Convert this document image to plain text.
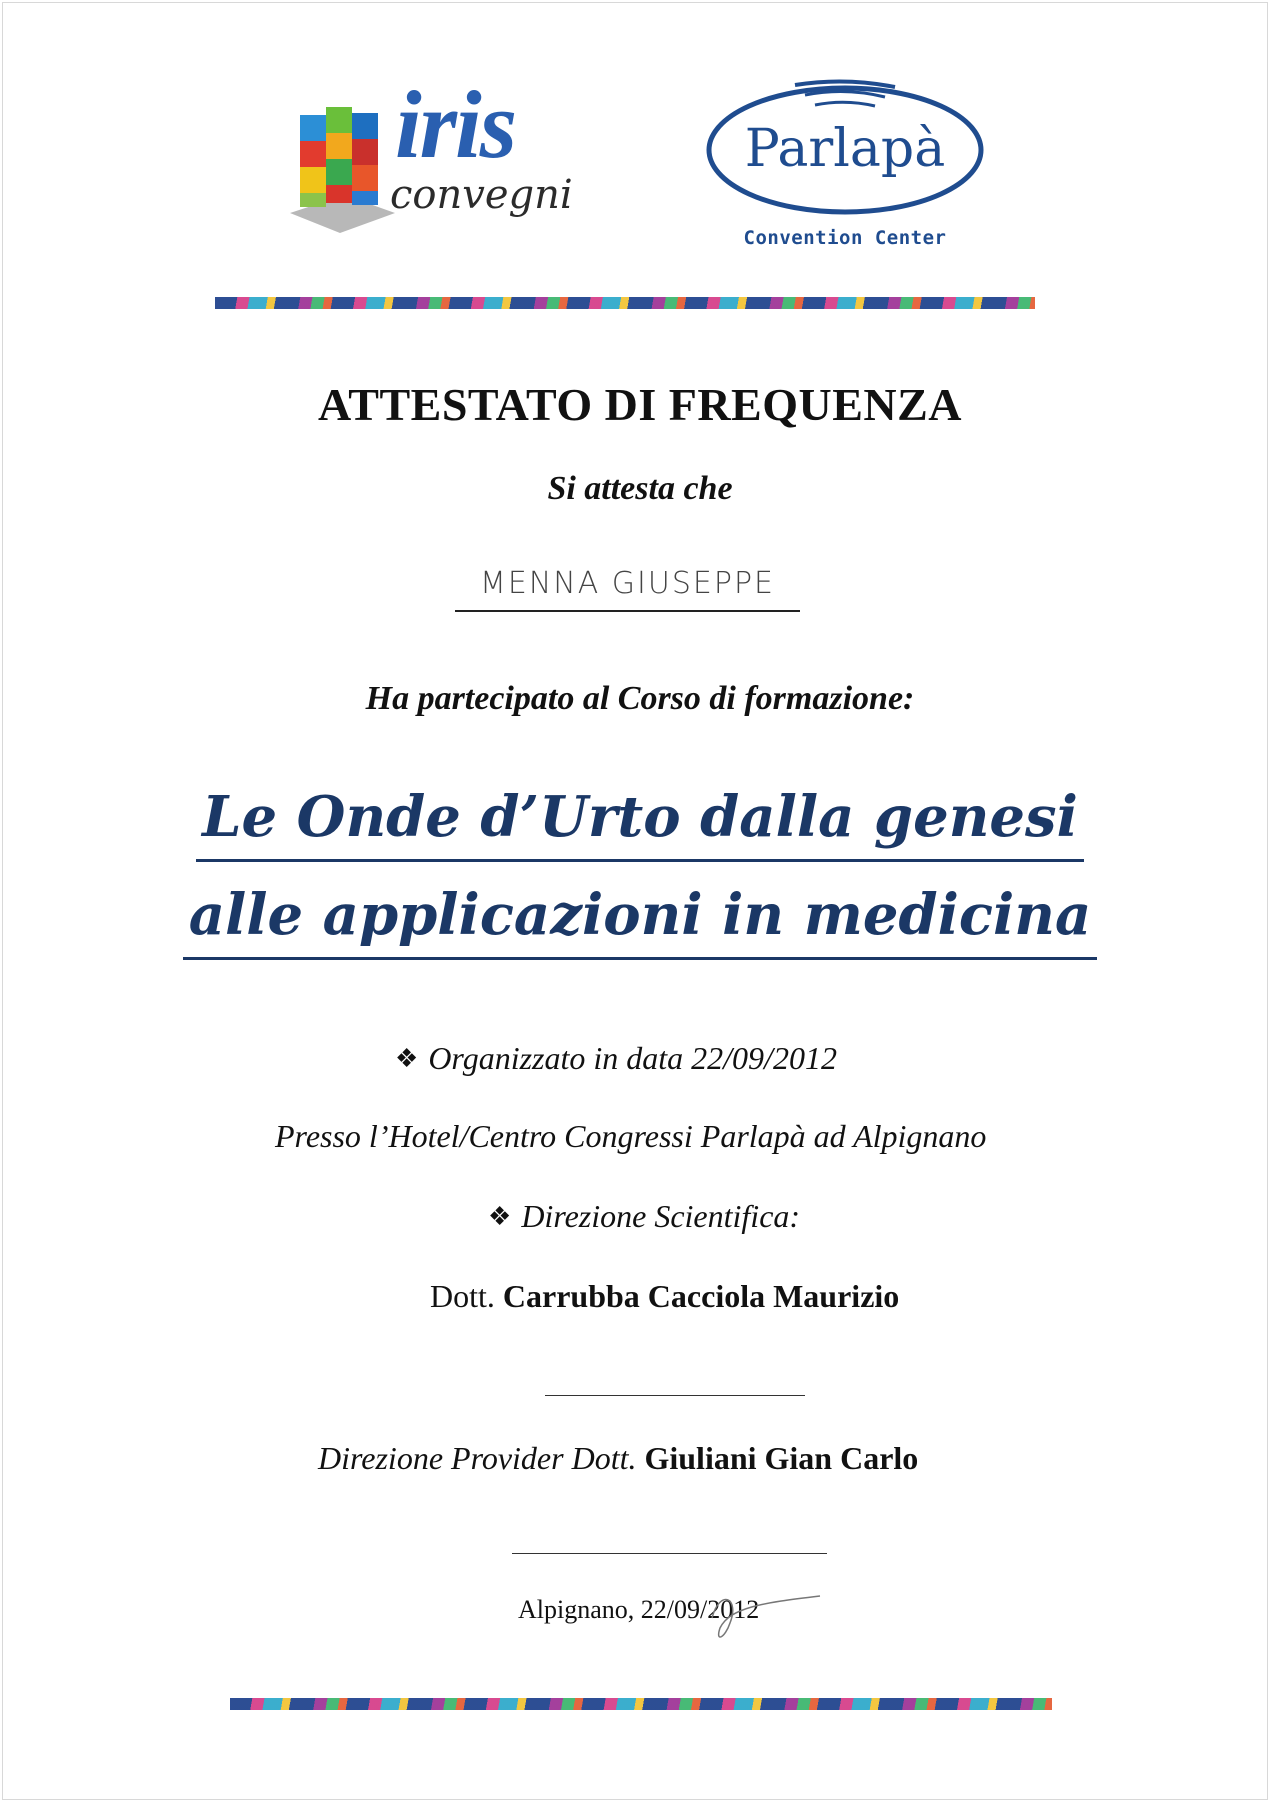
iris
convegni
Parlapà
Convention Center
ATTESTATO DI FREQUENZA
Si attesta che
MENNA GIUSEPPE
Ha partecipato al Corso di formazione:
Le Onde d’Urto dalla genesi
alle applicazioni in medicina
❖ Organizzato in data 22/09/2012
Presso l’Hotel/Centro Congressi Parlapà ad Alpignano
❖ Direzione Scientifica:
Dott. Carrubba Cacciola Maurizio
Direzione Provider Dott. Giuliani Gian Carlo
Alpignano, 22/09/2012
